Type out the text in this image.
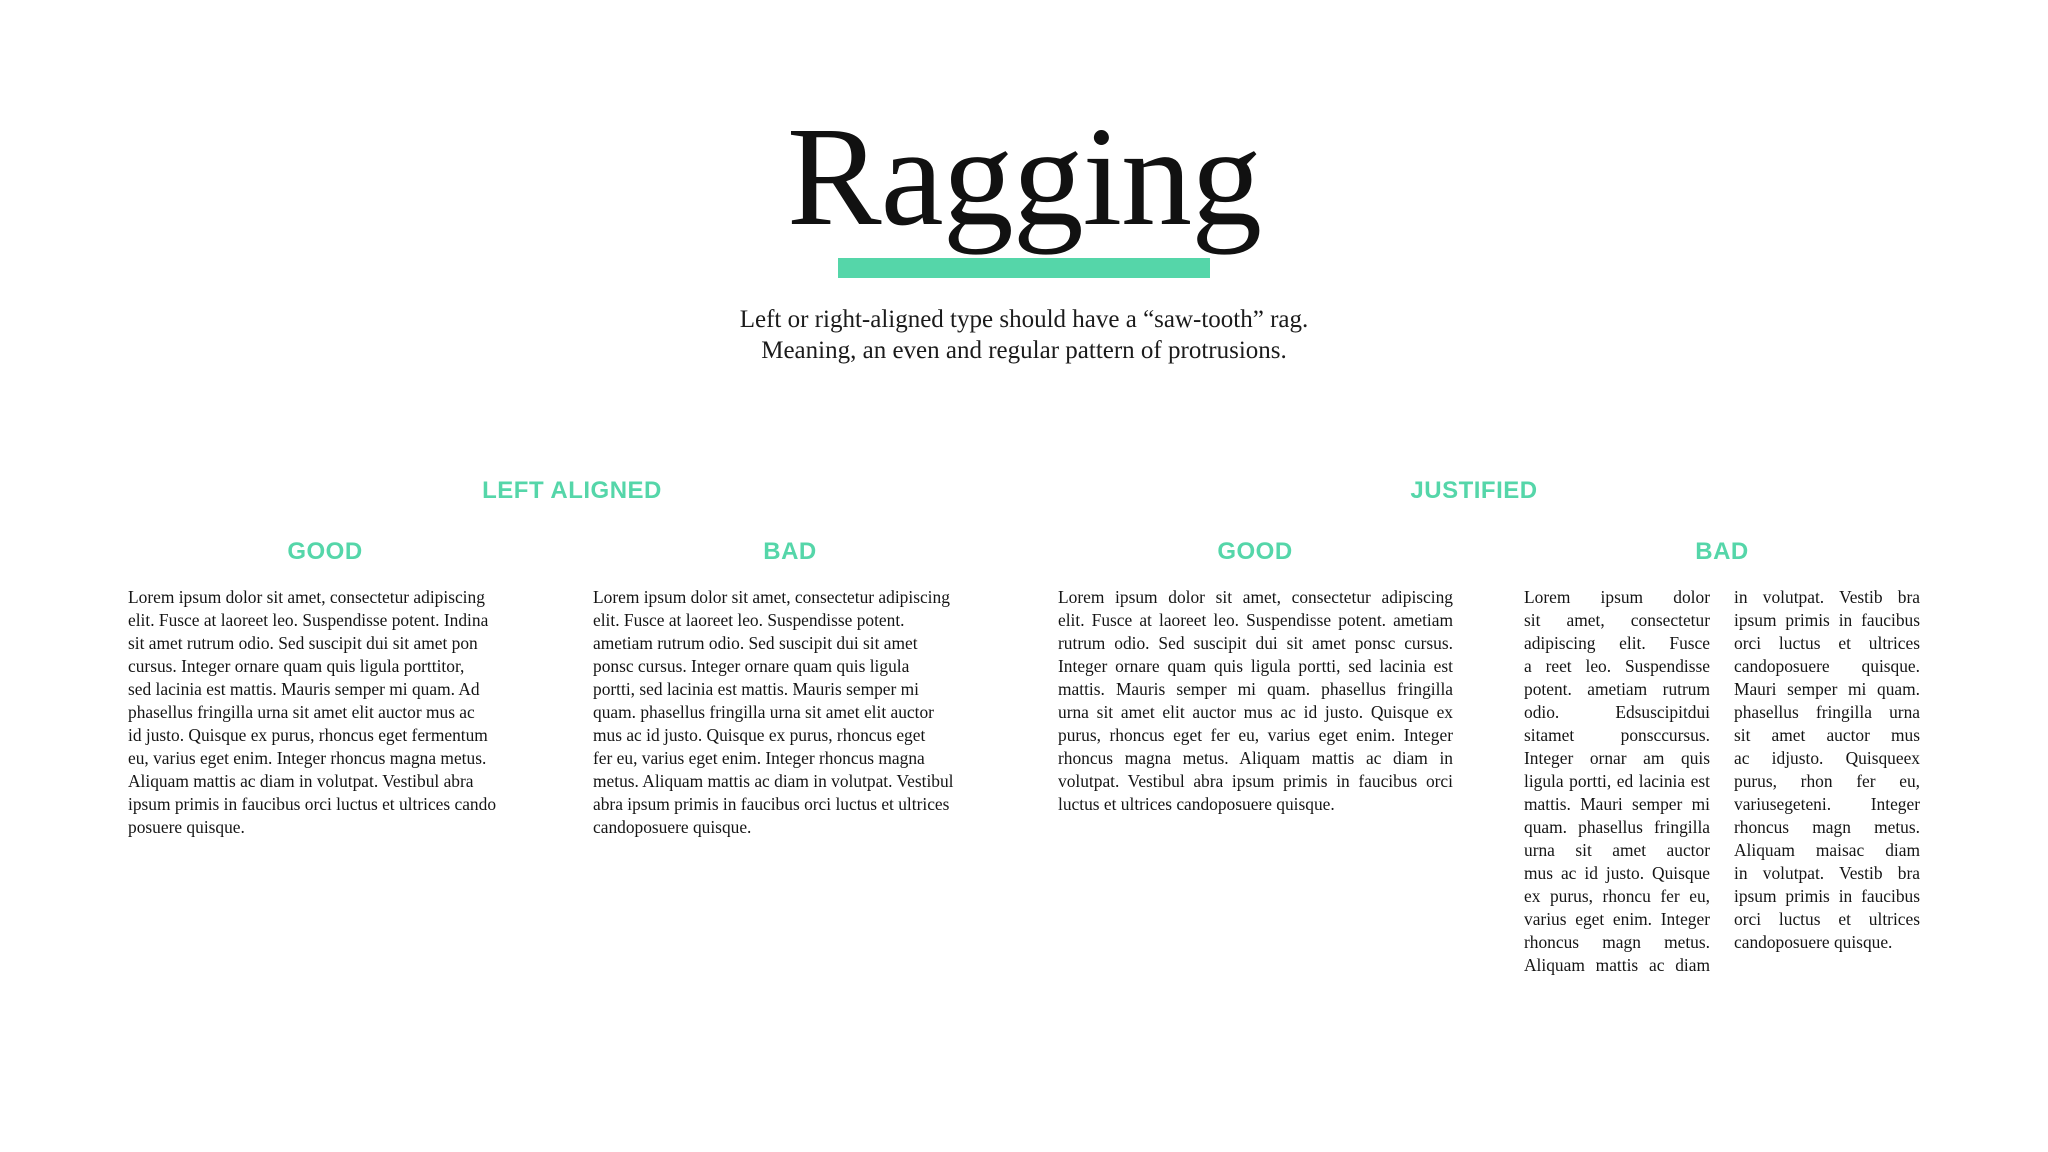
Ragging
Left or right-aligned type should have a “saw-tooth” rag.
Meaning, an even and regular pattern of protrusions.
LEFT ALIGNED	JUSTIFIED
GOOD	BAD	GOOD	BAD
Lorem ipsum dolor sit amet, consectetur adipiscing
elit. Fusce at laoreet leo. Suspendisse potent. Indina
sit amet rutrum odio. Sed suscipit dui sit amet pon
cursus. Integer ornare quam quis ligula porttitor,
sed lacinia est mattis. Mauris semper mi quam. Ad
phasellus fringilla urna sit amet elit auctor mus ac
id justo. Quisque ex purus, rhoncus eget fermentum
eu, varius eget enim. Integer rhoncus magna metus.
Aliquam mattis ac diam in volutpat. Vestibul abra
ipsum primis in faucibus orci luctus et ultrices cando
posuere quisque.
Lorem ipsum dolor sit amet, consectetur adipiscing
elit. Fusce at laoreet leo. Suspendisse potent.
ametiam rutrum odio. Sed suscipit dui sit amet
ponsc cursus. Integer ornare quam quis ligula
portti, sed lacinia est mattis. Mauris semper mi
quam. phasellus fringilla urna sit amet elit auctor
mus ac id justo. Quisque ex purus, rhoncus eget
fer eu, varius eget enim. Integer rhoncus magna
metus. Aliquam mattis ac diam in volutpat. Vestibul
abra ipsum primis in faucibus orci luctus et ultrices
candoposuere quisque.
Lorem ipsum dolor sit amet, consectetur adipiscing
elit. Fusce at laoreet leo. Suspendisse potent. ametiam
rutrum odio. Sed suscipit dui sit amet ponsc cursus.
Integer ornare quam quis ligula portti, sed lacinia est
mattis. Mauris semper mi quam. phasellus fringilla
urna sit amet elit auctor mus ac id justo. Quisque ex
purus, rhoncus eget fer eu, varius eget enim. Integer
rhoncus magna metus. Aliquam mattis ac diam in
volutpat. Vestibul abra ipsum primis in faucibus orci
luctus et ultrices candoposuere quisque.
Lorem ipsum dolor
sit amet, consectetur
adipiscing elit. Fusce
a reet leo. Suspendisse
potent. ametiam rutrum
odio. Edsuscipitdui
sitamet ponsccursus.
Integer ornar am quis
ligula portti, ed lacinia est
mattis. Mauri semper mi
quam. phasellus fringilla
urna sit amet auctor
mus ac id justo. Quisque
ex purus, rhoncu fer eu,
varius eget enim. Integer
rhoncus magn metus.
Aliquam mattis ac diam
in volutpat. Vestib bra
ipsum primis in faucibus
orci luctus et ultrices
candoposuere quisque.
Mauri semper mi quam.
phasellus fringilla urna
sit amet auctor mus
ac idjusto. Quisqueex
purus, rhon fer eu,
variusegeteni. Integer
rhoncus magn metus.
Aliquam maisac diam
in volutpat. Vestib bra
ipsum primis in faucibus
orci luctus et ultrices
candoposuere quisque.
